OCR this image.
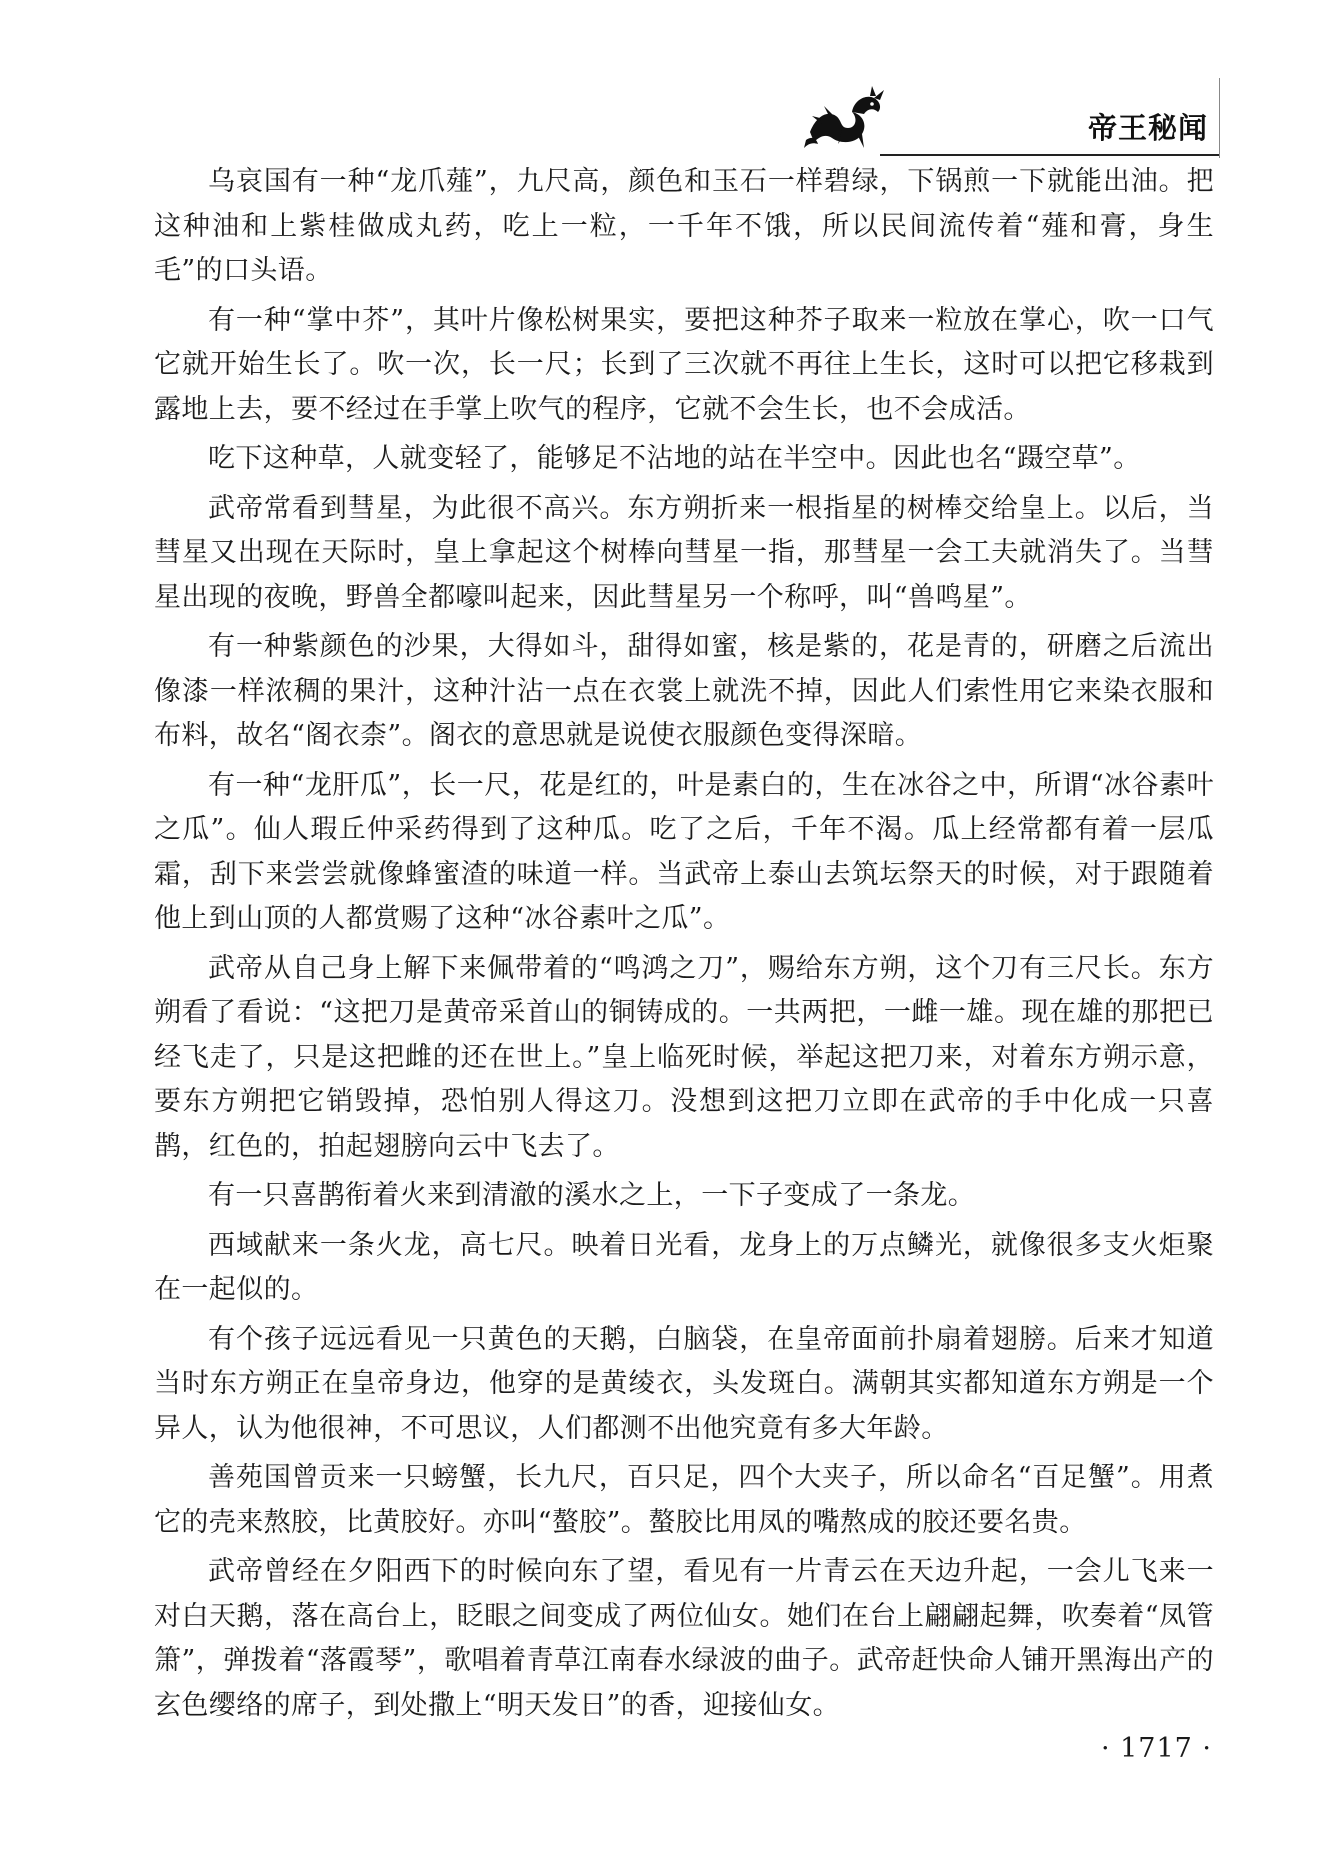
帝王秘闻

乌哀国有一种“龙爪薤”，九尺高，颜色和玉石一样碧绿，下锅煎一下就能出油。把这种油和上紫桂做成丸药，吃上一粒，一千年不饿，所以民间流传着“薤和膏，身生毛”的口头语。

有一种“掌中芥”，其叶片像松树果实，要把这种芥子取来一粒放在掌心，吹一口气它就开始生长了。吹一次，长一尺；长到了三次就不再往上生长，这时可以把它移栽到露地上去，要不经过在手掌上吹气的程序，它就不会生长，也不会成活。

吃下这种草，人就变轻了，能够足不沾地的站在半空中。因此也名“蹑空草”。

武帝常看到彗星，为此很不高兴。东方朔折来一根指星的树棒交给皇上。以后，当彗星又出现在天际时，皇上拿起这个树棒向彗星一指，那彗星一会工夫就消失了。当彗星出现的夜晚，野兽全都嚎叫起来，因此彗星另一个称呼，叫“兽鸣星”。

有一种紫颜色的沙果，大得如斗，甜得如蜜，核是紫的，花是青的，研磨之后流出像漆一样浓稠的果汁，这种汁沾一点在衣裳上就洗不掉，因此人们索性用它来染衣服和布料，故名“阁衣柰”。阁衣的意思就是说使衣服颜色变得深暗。

有一种“龙肝瓜”，长一尺，花是红的，叶是素白的，生在冰谷之中，所谓“冰谷素叶之瓜”。仙人瑕丘仲采药得到了这种瓜。吃了之后，千年不渴。瓜上经常都有着一层瓜霜，刮下来尝尝就像蜂蜜渣的味道一样。当武帝上泰山去筑坛祭天的时候，对于跟随着他上到山顶的人都赏赐了这种“冰谷素叶之瓜”。

武帝从自己身上解下来佩带着的“鸣鸿之刀”，赐给东方朔，这个刀有三尺长。东方朔看了看说：“这把刀是黄帝采首山的铜铸成的。一共两把，一雌一雄。现在雄的那把已经飞走了，只是这把雌的还在世上。”皇上临死时候，举起这把刀来，对着东方朔示意，要东方朔把它销毁掉，恐怕别人得这刀。没想到这把刀立即在武帝的手中化成一只喜鹊，红色的，拍起翅膀向云中飞去了。

有一只喜鹊衔着火来到清澈的溪水之上，一下子变成了一条龙。

西域献来一条火龙，高七尺。映着日光看，龙身上的万点鳞光，就像很多支火炬聚在一起似的。

有个孩子远远看见一只黄色的天鹅，白脑袋，在皇帝面前扑扇着翅膀。后来才知道当时东方朔正在皇帝身边，他穿的是黄绫衣，头发斑白。满朝其实都知道东方朔是一个异人，认为他很神，不可思议，人们都测不出他究竟有多大年龄。

善苑国曾贡来一只螃蟹，长九尺，百只足，四个大夹子，所以命名“百足蟹”。用煮它的壳来熬胶，比黄胶好。亦叫“螯胶”。螯胶比用凤的嘴熬成的胶还要名贵。

武帝曾经在夕阳西下的时候向东了望，看见有一片青云在天边升起，一会儿飞来一对白天鹅，落在高台上，眨眼之间变成了两位仙女。她们在台上翩翩起舞，吹奏着“凤管箫”，弹拨着“落霞琴”，歌唱着青草江南春水绿波的曲子。武帝赶快命人铺开黑海出产的玄色缨络的席子，到处撒上“明天发日”的香，迎接仙女。

· 1717 ·
